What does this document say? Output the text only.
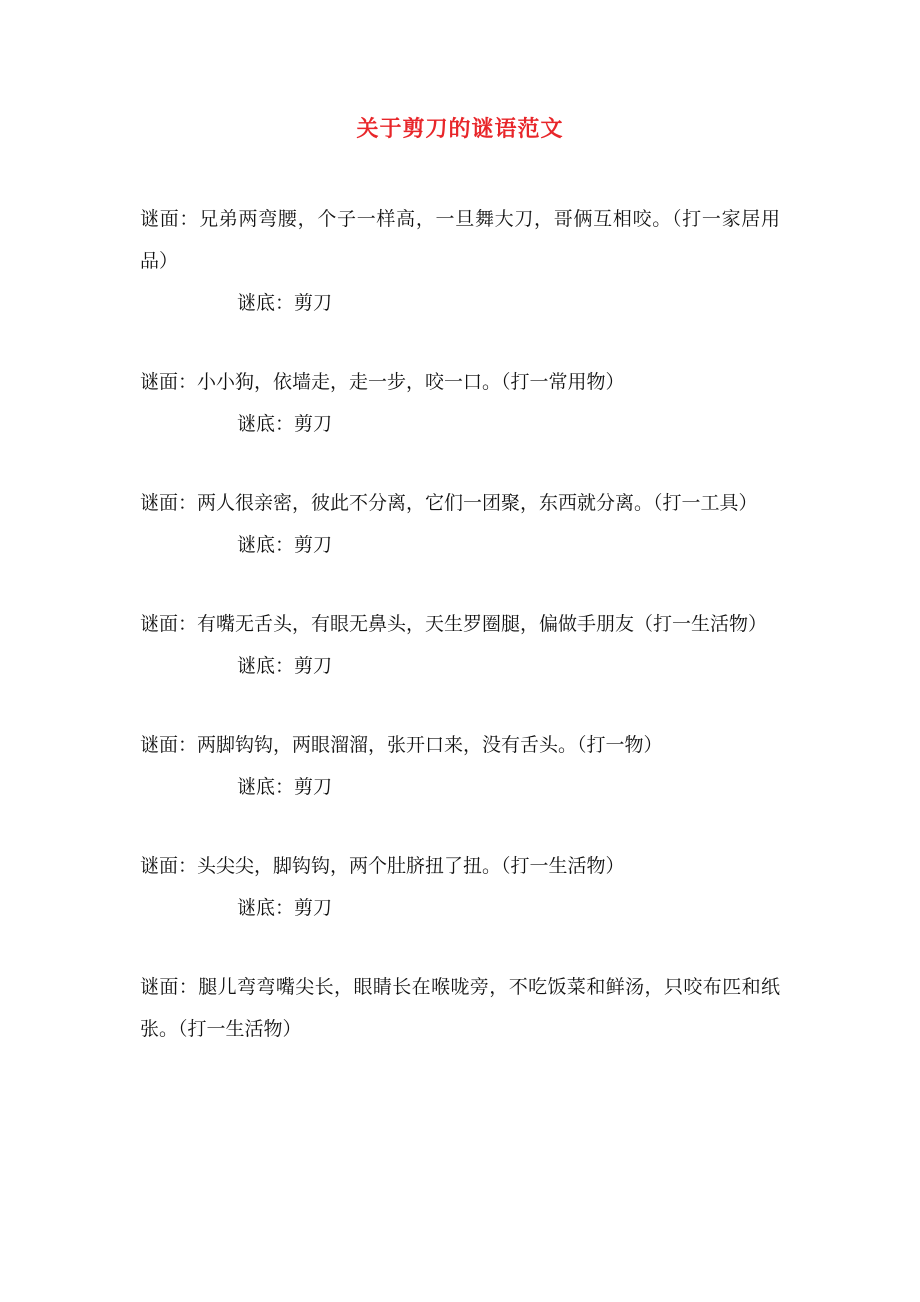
关于剪刀的谜语范文

谜面：兄弟两弯腰，个子一样高，一旦舞大刀，哥俩互相咬。（打一家居用品）

谜底：剪刀

谜面：小小狗，依墙走，走一步，咬一口。（打一常用物）

谜底：剪刀

谜面：两人很亲密，彼此不分离，它们一团聚，东西就分离。（打一工具）

谜底：剪刀

谜面：有嘴无舌头，有眼无鼻头，天生罗圈腿，偏做手朋友（打一生活物）

谜底：剪刀

谜面：两脚钩钩，两眼溜溜，张开口来，没有舌头。（打一物）

谜底：剪刀

谜面：头尖尖，脚钩钩，两个肚脐扭了扭。（打一生活物）

谜底：剪刀

谜面：腿儿弯弯嘴尖长，眼睛长在喉咙旁，不吃饭菜和鲜汤，只咬布匹和纸张。（打一生活物）
